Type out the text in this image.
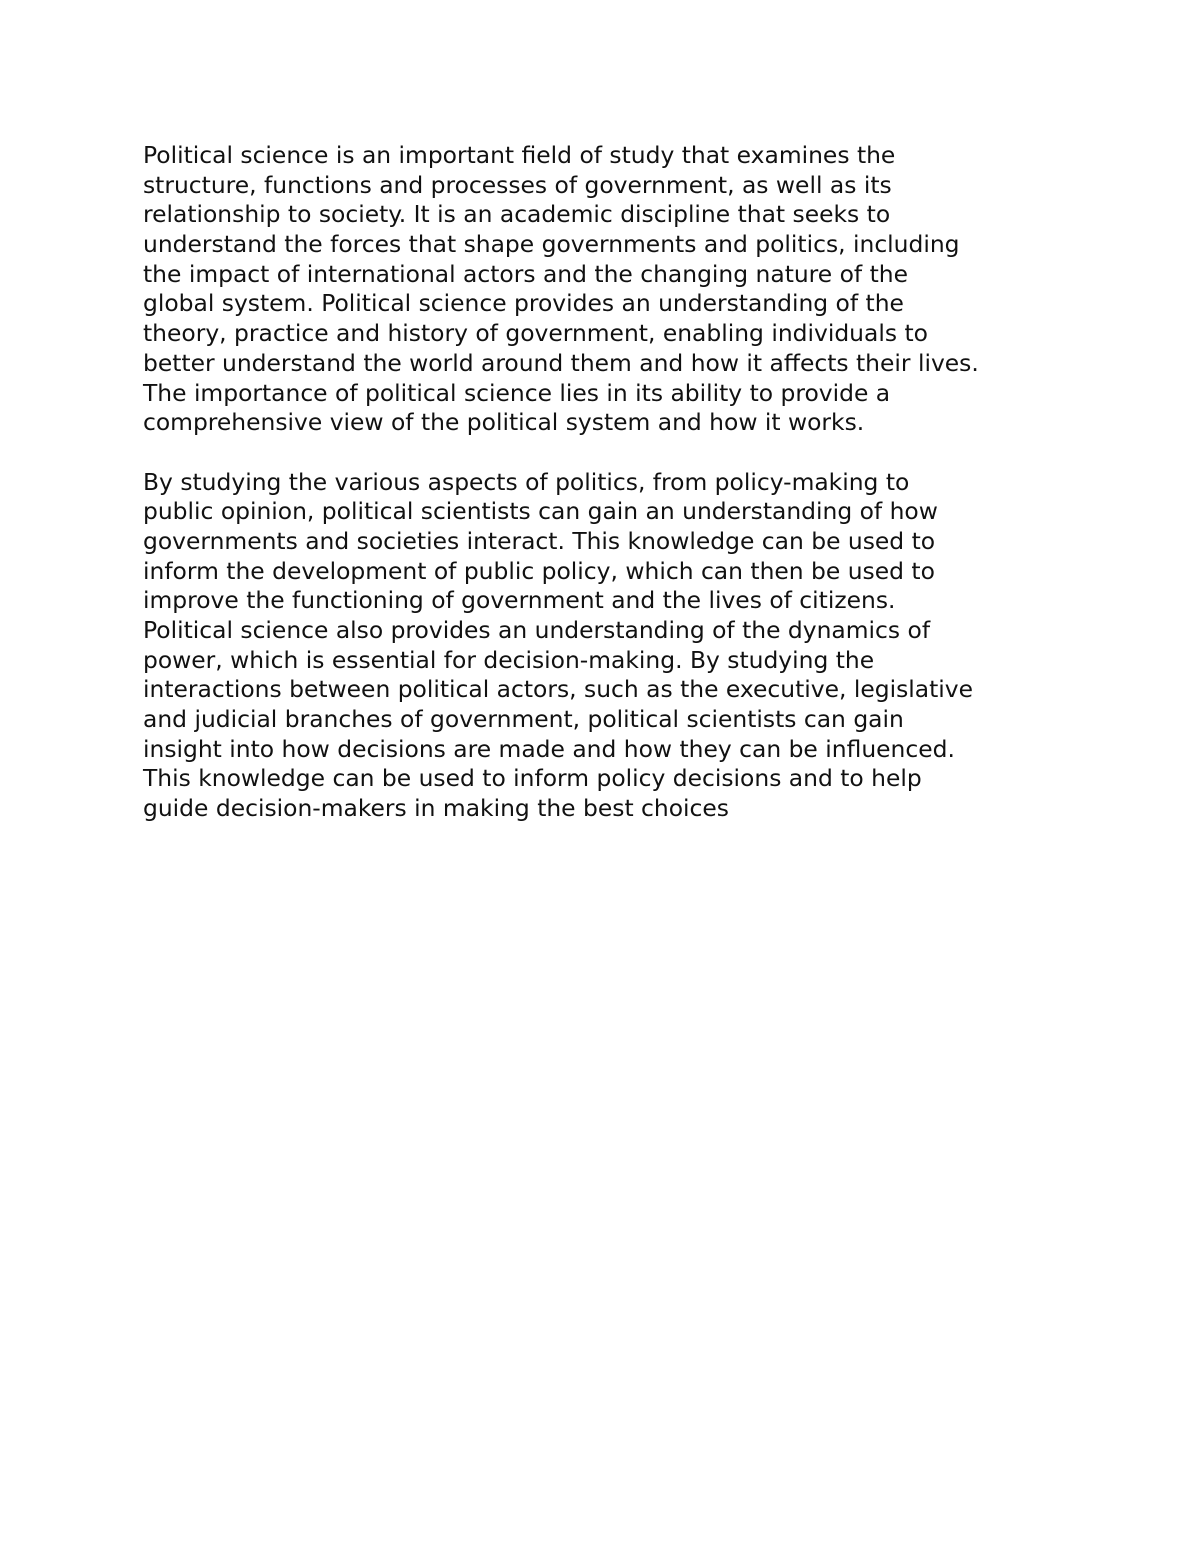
Political science is an important field of study that examines the
structure, functions and processes of government, as well as its
relationship to society. It is an academic discipline that seeks to
understand the forces that shape governments and politics, including
the impact of international actors and the changing nature of the
global system. Political science provides an understanding of the
theory, practice and history of government, enabling individuals to
better understand the world around them and how it affects their lives.
The importance of political science lies in its ability to provide a
comprehensive view of the political system and how it works.
By studying the various aspects of politics, from policy-making to
public opinion, political scientists can gain an understanding of how
governments and societies interact. This knowledge can be used to
inform the development of public policy, which can then be used to
improve the functioning of government and the lives of citizens.
Political science also provides an understanding of the dynamics of
power, which is essential for decision-making. By studying the
interactions between political actors, such as the executive, legislative
and judicial branches of government, political scientists can gain
insight into how decisions are made and how they can be influenced.
This knowledge can be used to inform policy decisions and to help
guide decision-makers in making the best choices
